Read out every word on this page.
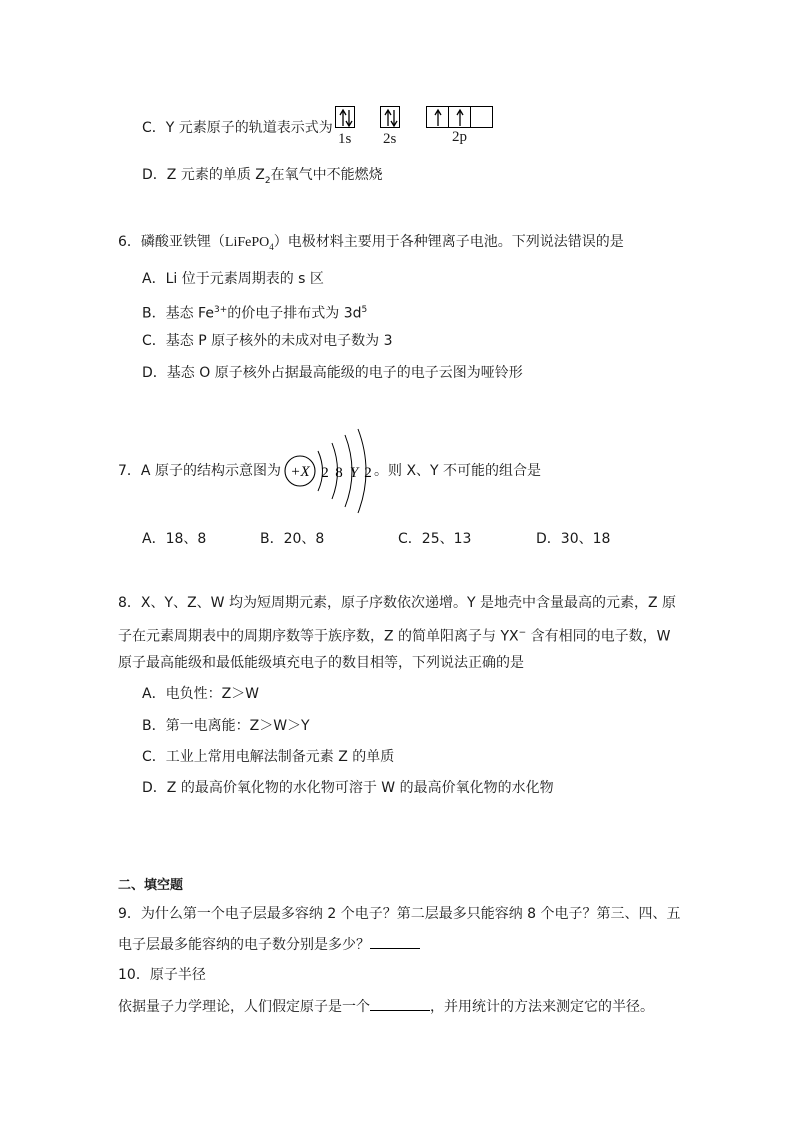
C．Y 元素原子的轨道表示式为
1s 2s	2p
D．Z 元素的单质 $Z_2$在氧气中不能燃烧
6．磷酸亚铁锂（LiFePO$_4$）电极材料主要用于各种锂离子电池。下列说法错误的是
A．Li 位于元素周期表的 s 区
B．基态 $Fe^{3+}$的价电子排布式为 $3d^5$
C．基态 P 原子核外的未成对电子数为 3
D．基态 O 原子核外占据最高能级的电子的电子云图为哑铃形
7．A 原子的结构示意图为 +X 2 8 Y 2 。则 X、Y 不可能的组合是
A．18、8	B．20、8	C．25、13	D．30、18
8．X、Y、Z、W 均为短周期元素，原子序数依次递增。Y 是地壳中含量最高的元素，Z 原
子在元素周期表中的周期序数等于族序数，Z 的简单阳离子与 YX− 含有相同的电子数，W
原子最高能级和最低能级填充电子的数目相等，下列说法正确的是
A．电负性：Z＞W
B．第一电离能：Z＞W＞Y
C．工业上常用电解法制备元素 Z 的单质
D．Z 的最高价氧化物的水化物可溶于 W 的最高价氧化物的水化物
二、填空题
9．为什么第一个电子层最多容纳 2 个电子？第二层最多只能容纳 8 个电子？第三、四、五
电子层最多能容纳的电子数分别是多少？
10．原子半径
依据量子力学理论，人们假定原子是一个	，并用统计的方法来测定它的半径。
